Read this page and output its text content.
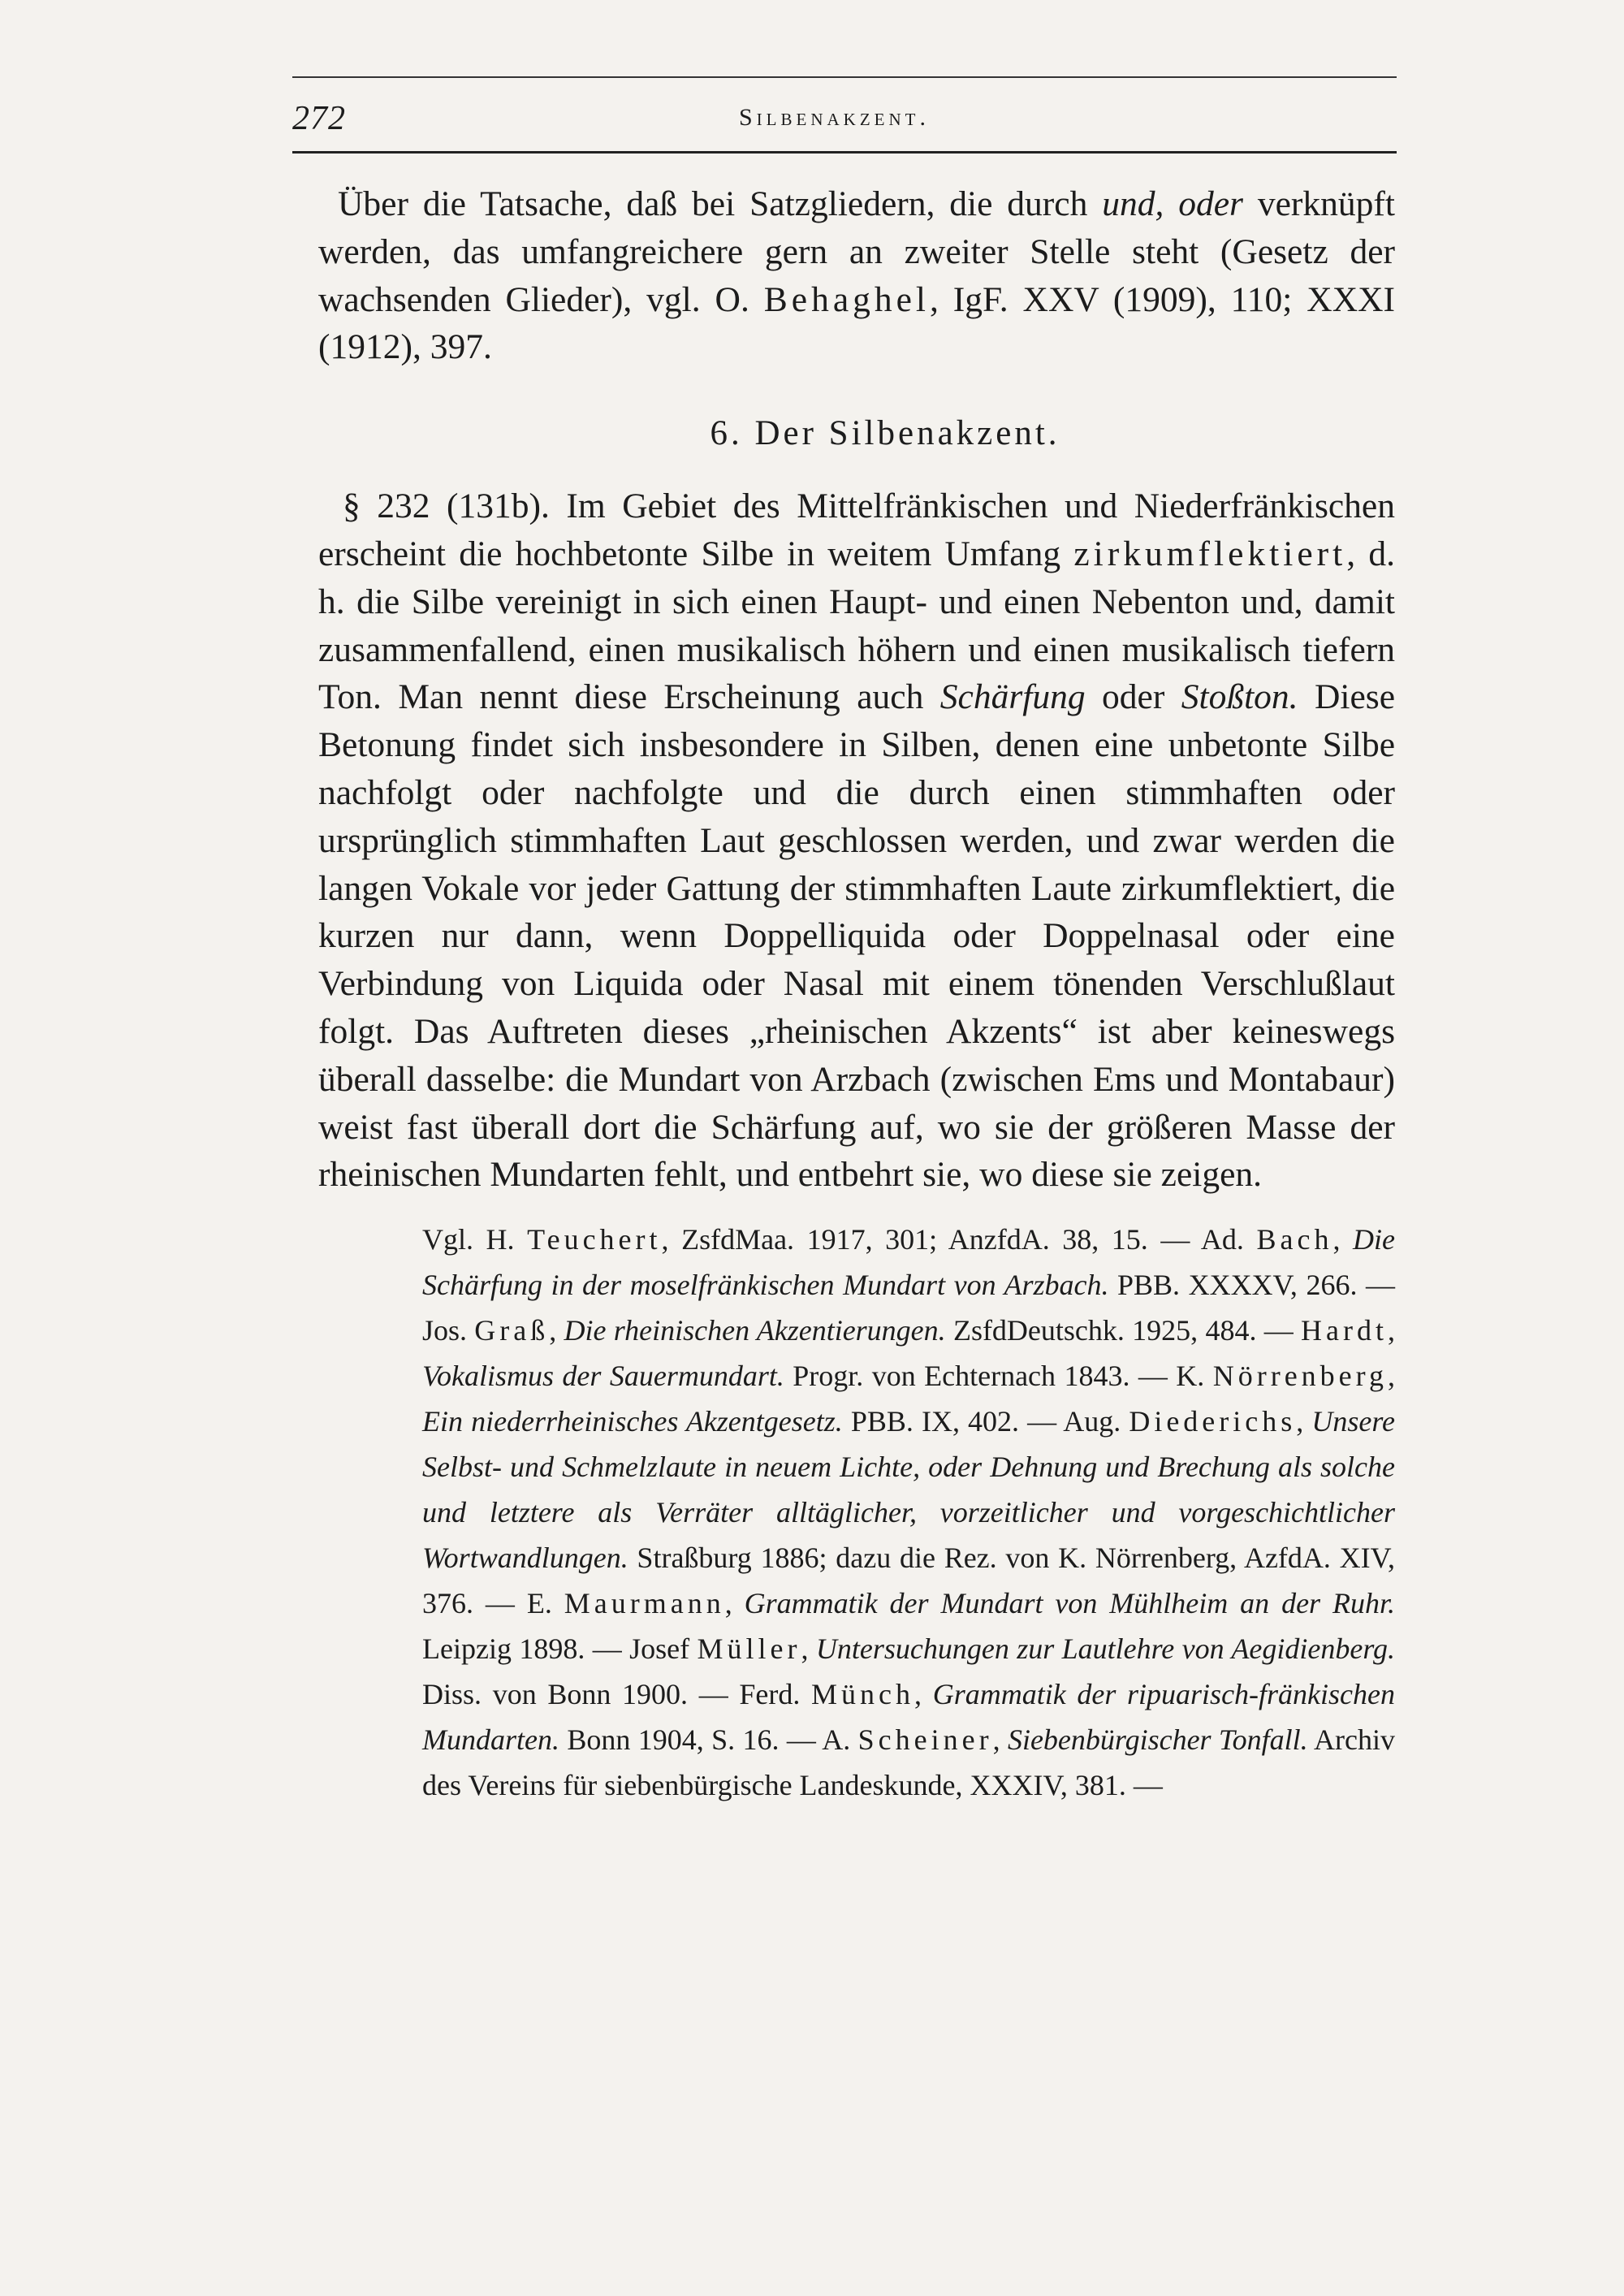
272	Silbenakzent.

Über die Tatsache, daß bei Satzgliedern, die durch und, oder verknüpft werden, das umfangreichere gern an zweiter Stelle steht (Gesetz der wachsenden Glieder), vgl. O. Behaghel, IgF. XXV (1909), 110; XXXI (1912), 397.

6. Der Silbenakzent.

§ 232 (131b). Im Gebiet des Mittelfränkischen und Niederfränkischen erscheint die hochbetonte Silbe in weitem Umfang zirkumflektiert, d. h. die Silbe vereinigt in sich einen Haupt- und einen Nebenton und, damit zusammenfallend, einen musikalisch höhern und einen musikalisch tiefern Ton. Man nennt diese Erscheinung auch Schärfung oder Stoßton. Diese Betonung findet sich insbesondere in Silben, denen eine unbetonte Silbe nachfolgt oder nachfolgte und die durch einen stimmhaften oder ursprünglich stimmhaften Laut geschlossen werden, und zwar werden die langen Vokale vor jeder Gattung der stimmhaften Laute zirkumflektiert, die kurzen nur dann, wenn Doppelliquida oder Doppelnasal oder eine Verbindung von Liquida oder Nasal mit einem tönenden Verschlußlaut folgt. Das Auftreten dieses „rheinischen Akzents“ ist aber keineswegs überall dasselbe: die Mundart von Arzbach (zwischen Ems und Montabaur) weist fast überall dort die Schärfung auf, wo sie der größeren Masse der rheinischen Mundarten fehlt, und entbehrt sie, wo diese sie zeigen.

Vgl. H. Teuchert, ZsfdMaa. 1917, 301; AnzfdA. 38, 15. — Ad. Bach, Die Schärfung in der moselfränkischen Mundart von Arzbach. PBB. XXXXV, 266. — Jos. Graß, Die rheinischen Akzentierungen. ZsfdDeutschk. 1925, 484. — Hardt, Vokalismus der Sauermundart. Progr. von Echternach 1843. — K. Nörrenberg, Ein niederrheinisches Akzentgesetz. PBB. IX, 402. — Aug. Diederichs, Unsere Selbst- und Schmelzlaute in neuem Lichte, oder Dehnung und Brechung als solche und letztere als Verräter alltäglicher, vorzeitlicher und vorgeschichtlicher Wortwandlungen. Straßburg 1886; dazu die Rez. von K. Nörrenberg, AzfdA. XIV, 376. — E. Maurmann, Grammatik der Mundart von Mühlheim an der Ruhr. Leipzig 1898. — Josef Müller, Untersuchungen zur Lautlehre von Aegidienberg. Diss. von Bonn 1900. — Ferd. Münch, Grammatik der ripuarisch-fränkischen Mundarten. Bonn 1904, S. 16. — A. Scheiner, Siebenbürgischer Tonfall. Archiv des Vereins für siebenbürgische Landeskunde, XXXIV, 381. —
